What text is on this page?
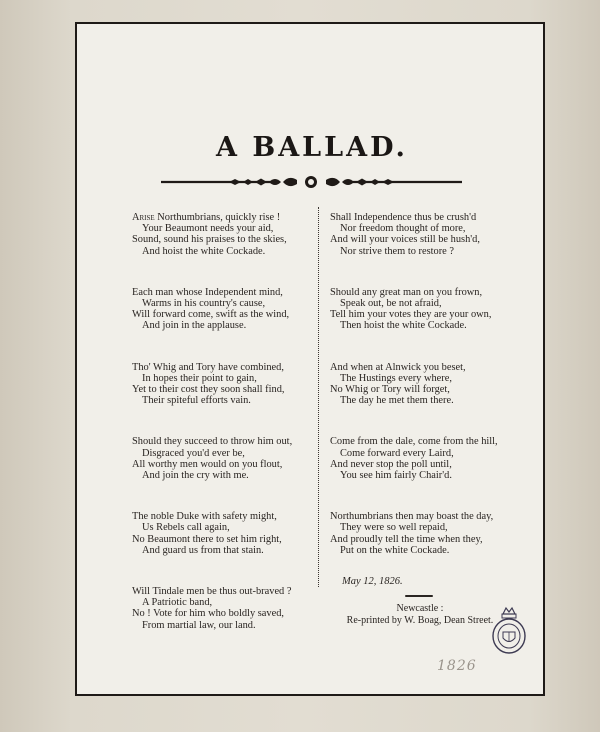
A BALLAD.
Arise Northumbrians, quickly rise !
Your Beaumont needs your aid,
Sound, sound his praises to the skies,
And hoist the white Cockade.
Each man whose Independent mind,
Warms in his country's cause,
Will forward come, swift as the wind,
And join in the applause.
Tho' Whig and Tory have combined,
In hopes their point to gain,
Yet to their cost they soon shall find,
Their spiteful efforts vain.
Should they succeed to throw him out,
Disgraced you'd ever be,
All worthy men would on you flout,
And join the cry with me.
The noble Duke with safety might,
Us Rebels call again,
No Beaumont there to set him right,
And guard us from that stain.
Will Tindale men be thus out-braved ?
A Patriotic band,
No ! Vote for him who boldly saved,
From martial law, our land.
Shall Independence thus be crush'd
Nor freedom thought of more,
And will your voices still be hush'd,
Nor strive them to restore ?
Should any great man on you frown,
Speak out, be not afraid,
Tell him your votes they are your own,
Then hoist the white Cockade.
And when at Alnwick you beset,
The Hustings every where,
No Whig or Tory will forget,
The day he met them there.
Come from the dale, come from the hill,
Come forward every Laird,
And never stop the poll until,
You see him fairly Chair'd.
Northumbrians then may boast the day,
They were so well repaid,
And proudly tell the time when they,
Put on the white Cockade.
May 12, 1826.
Newcastle :
Re-printed by W. Boag, Dean Street.
1826
